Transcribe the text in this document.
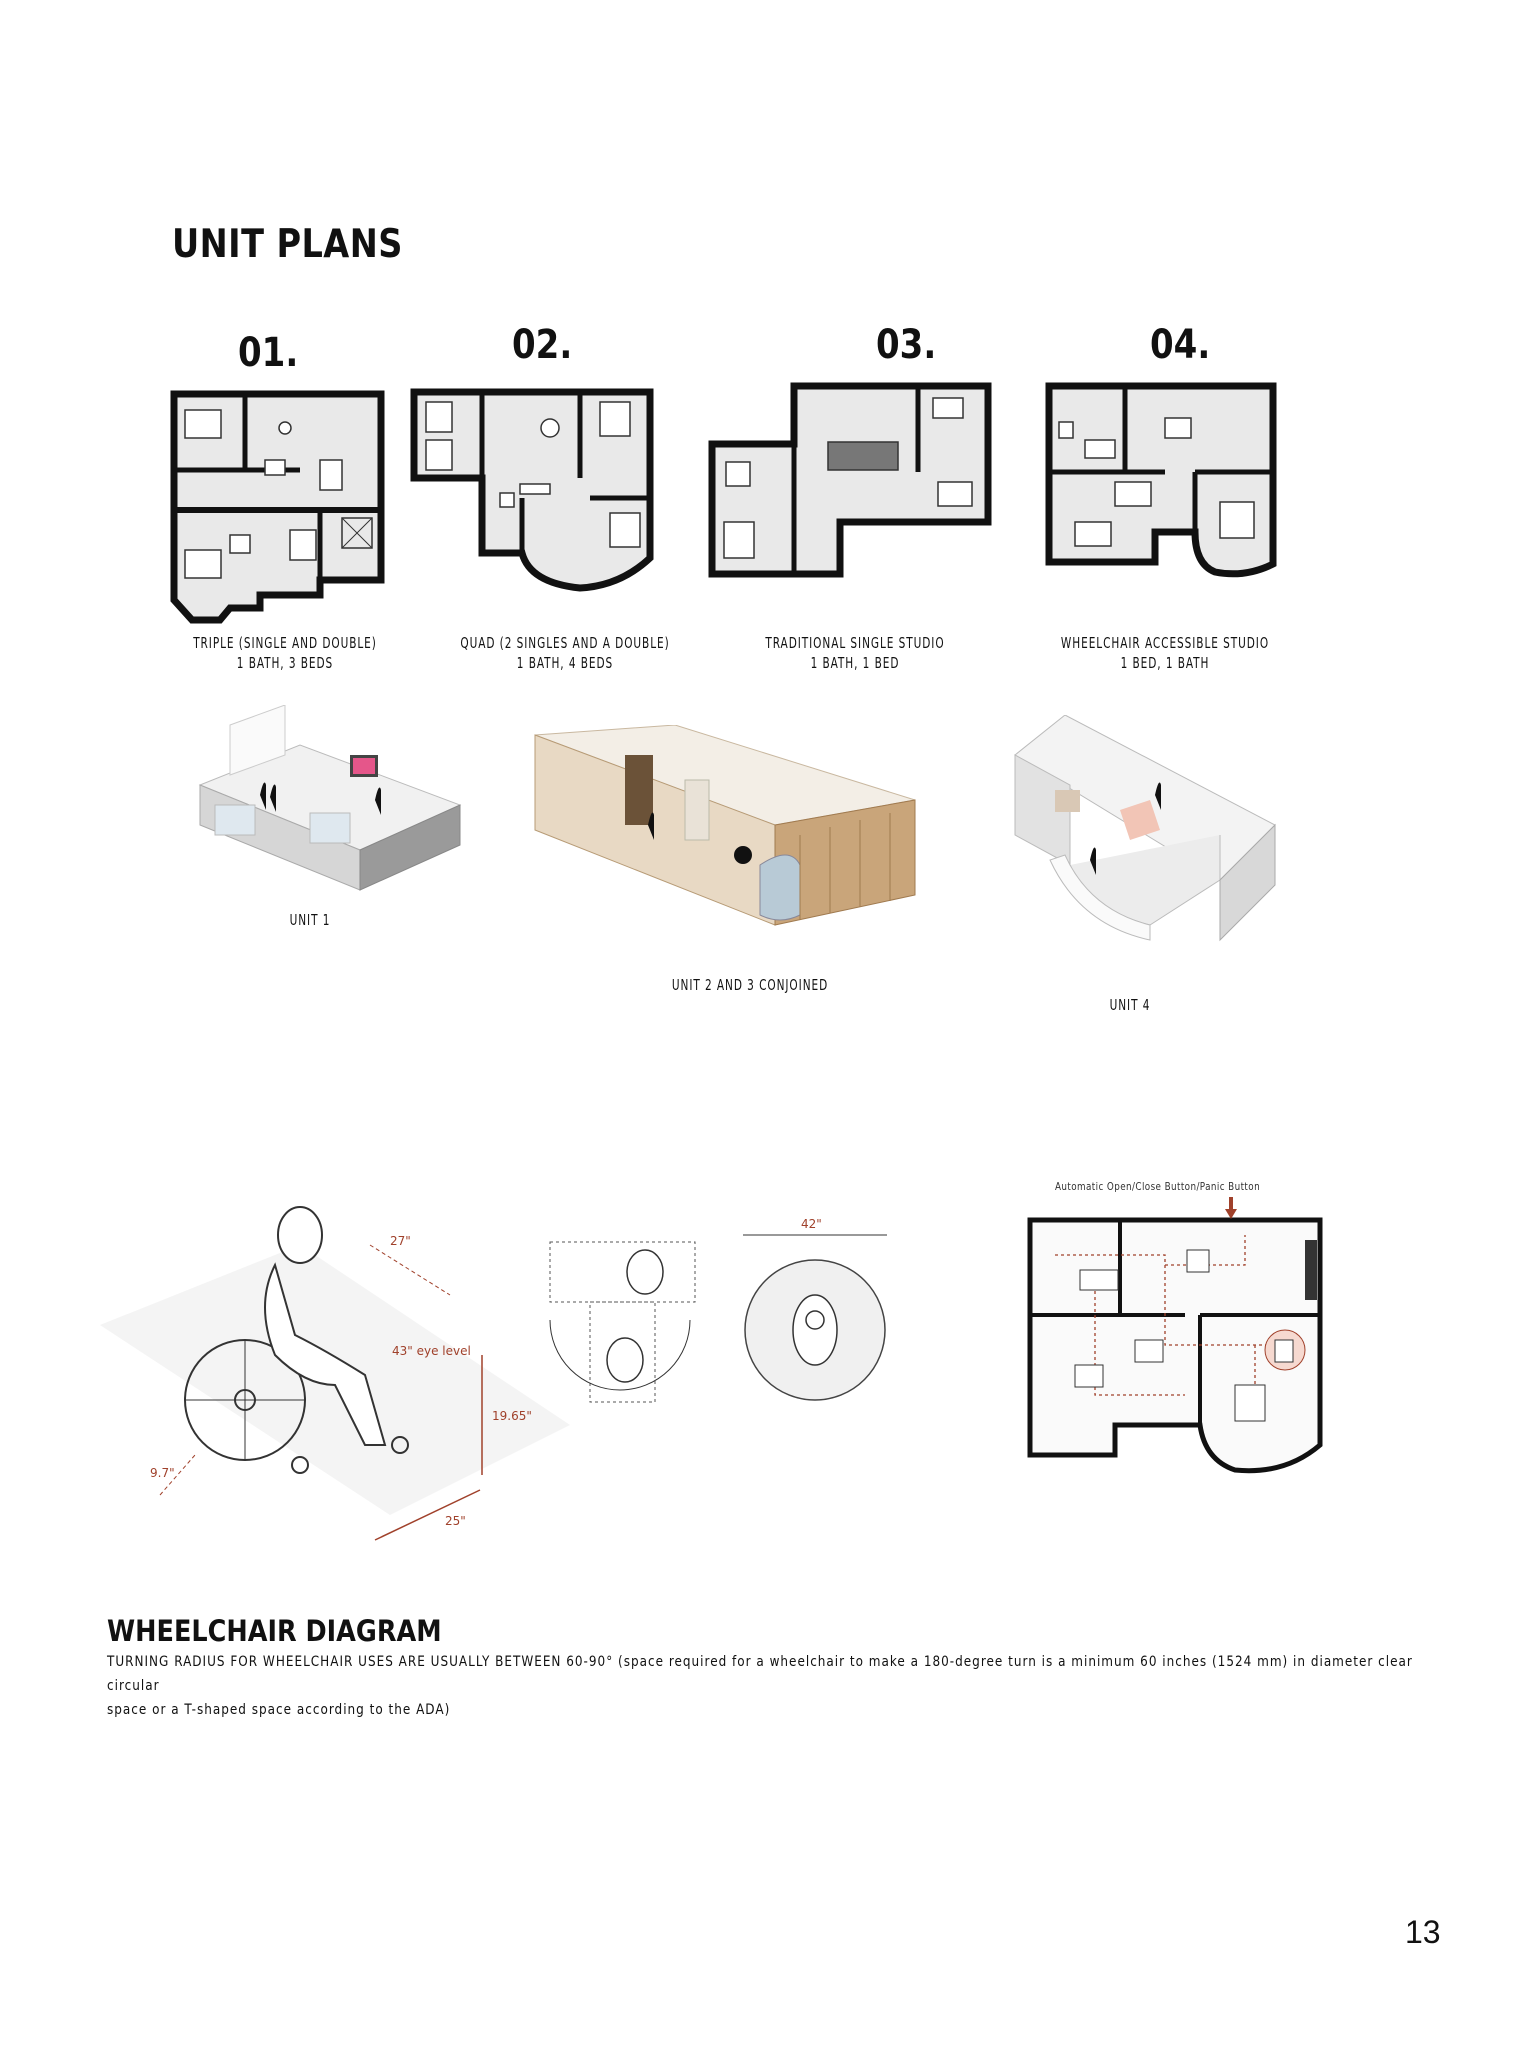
UNIT PLANS
01.	02.	03.	04.
TRIPLE (SINGLE AND DOUBLE)
1 BATH, 3 BEDS
QUAD (2 SINGLES AND A DOUBLE)
1 BATH, 4 BEDS
TRADITIONAL SINGLE STUDIO
1 BATH, 1 BED
WHEELCHAIR ACCESSIBLE STUDIO
1 BED, 1 BATH
UNIT 1
UNIT 2 AND 3 CONJOINED
UNIT 4
27"
43" eye level
19.65"
9.7"
25"
42"
Automatic Open/Close Button/Panic Button
WHEELCHAIR DIAGRAM
TURNING RADIUS FOR WHEELCHAIR USES ARE USUALLY BETWEEN 60-90° (space required for a wheelchair to make a 180-degree turn is a minimum 60 inches (1524 mm) in diameter clear circular
space or a T-shaped space according to the ADA)
13
